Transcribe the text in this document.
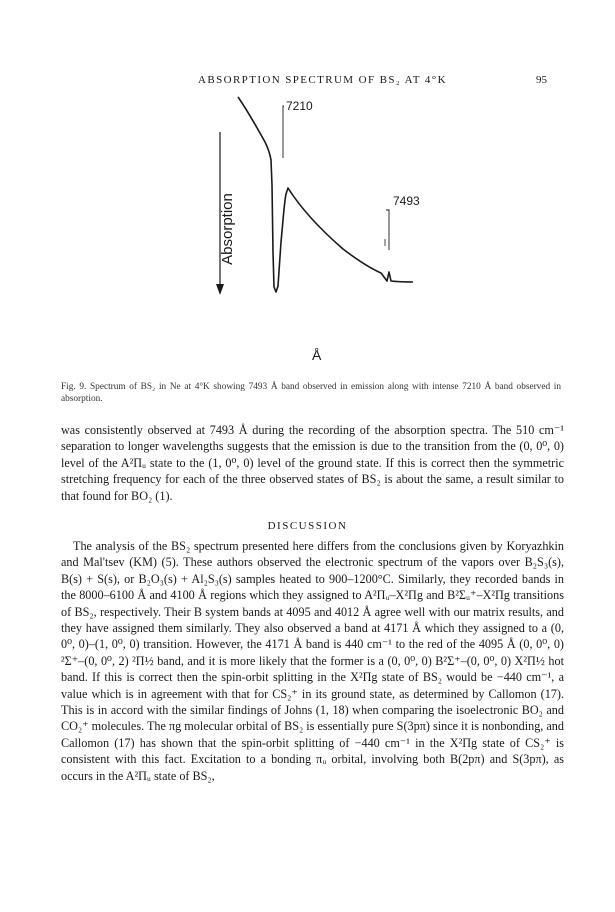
ABSORPTION SPECTRUM OF BS₂ AT 4°K	95
7210
7493
Absorption
Å
Fig. 9. Spectrum of BS₂ in Ne at 4°K showing 7493 Å band observed in emission along with intense 7210 Å band observed in absorption.

was consistently observed at 7493 Å during the recording of the absorption spectra. The 510 cm⁻¹ separation to longer wavelengths suggests that the emission is due to the transition from the (0, 0⁰, 0) level of the A²Πᵤ state to the (1, 0⁰, 0) level of the ground state. If this is correct then the symmetric stretching frequency for each of the three observed states of BS₂ is about the same, a result similar to that found for BO₂ (1).

DISCUSSION

The analysis of the BS₂ spectrum presented here differs from the conclusions given by Koryazhkin and Mal'tsev (KM) (5). These authors observed the electronic spectrum of the vapors over B₂S₃(s), B(s) + S(s), or B₂O₃(s) + Al₂S₃(s) samples heated to 900–1200°C. Similarly, they recorded bands in the 8000–6100 Å and 4100 Å regions which they assigned to A²Πᵤ–X²Πg and B²Σᵤ⁺–X²Πg transitions of BS₂, respectively. Their B system bands at 4095 and 4012 Å agree well with our matrix results, and they have assigned them similarly. They also observed a band at 4171 Å which they assigned to a (0, 0⁰, 0)–(1, 0⁰, 0) transition. However, the 4171 Å band is 440 cm⁻¹ to the red of the 4095 Å (0, 0⁰, 0) ²Σ⁺–(0, 0⁰, 2) ²Π½ band, and it is more likely that the former is a (0, 0⁰, 0) B²Σ⁺–(0, 0⁰, 0) X²Π½ hot band. If this is correct then the spin-orbit splitting in the X²Πg state of BS₂ would be −440 cm⁻¹, a value which is in agreement with that for CS₂⁺ in its ground state, as determined by Callomon (17). This is in accord with the similar findings of Johns (1, 18) when comparing the isoelectronic BO₂ and CO₂⁺ molecules. The πg molecular orbital of BS₂ is essentially pure S(3pπ) since it is nonbonding, and Callomon (17) has shown that the spin-orbit splitting of −440 cm⁻¹ in the X²Πg state of CS₂⁺ is consistent with this fact. Excitation to a bonding πᵤ orbital, involving both B(2pπ) and S(3pπ), as occurs in the A²Πᵤ state of BS₂,
